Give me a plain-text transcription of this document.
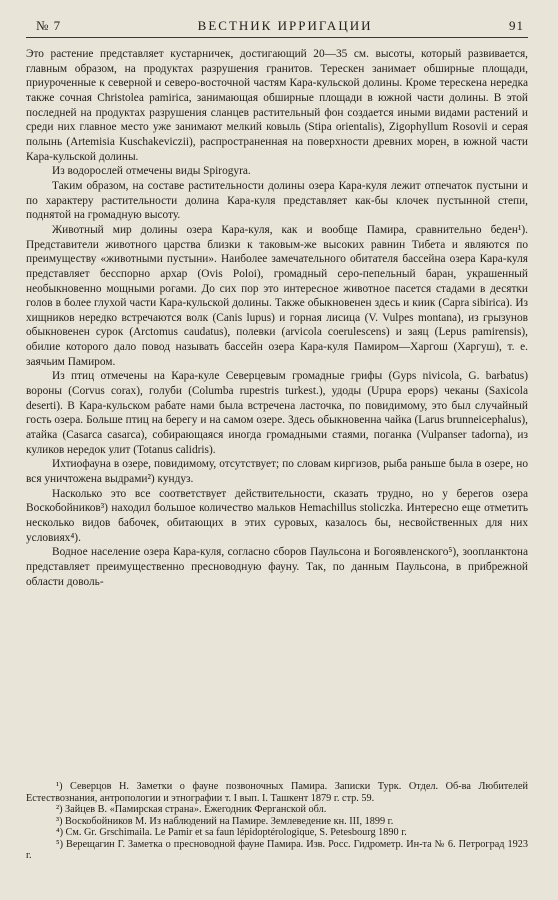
№ 7	ВЕСТНИК ИРРИГАЦИИ	91

Это растение представляет кустарничек, достигающий 20—35 см. высоты, который развивается, главным образом, на продуктах разрушения гранитов. Терескен занимает обширные площади, приуроченные к северной и северо-восточной частям Кара-кульской долины. Кроме терескена нередка также сочная Christolea pamirica, занимающая обширные площади в южной части долины. В этой последней на продуктах разрушения сланцев растительный фон создается иными видами растений и среди них главное место уже занимают мелкий ковыль (Stipa orientalis), Zigophyllum Rosovii и серая полынь (Artemisia Kuschakeviczii), распространенная на поверхности древних морен, в южной части Кара-кульской долины.

Из водорослей отмечены виды Spirogyra.

Таким образом, на составе растительности долины озера Кара-куля лежит отпечаток пустыни и по характеру растительности долина Кара-куля представляет как-бы клочек пустынной степи, поднятой на громадную высоту.

Животный мир долины озера Кара-куля, как и вообще Памира, сравнительно беден¹). Представители животного царства близки к таковым-же высоких равнин Тибета и являются по преимуществу «животными пустыни». Наиболее замечательного обитателя бассейна озера Кара-куля представляет бесспорно архар (Ovis Poloi), громадный серо-пепельный баран, украшенный необыкновенно мощными рогами. До сих пор это интересное животное пасется стадами в десятки голов в более глухой части Кара-кульской долины. Также обыкновенен здесь и киик (Capra sibirica). Из хищников нередко встречаются волк (Canis lupus) и горная лисица (V. Vulpes montana), из грызунов обыкновенен сурок (Arctomus caudatus), полевки (arvicola coerulescens) и заяц (Lepus pamirensis), обилие которого дало повод называть бассейн озера Кара-куля Памиром—Харгош (Харгуш), т. е. заячьим Памиром.

Из птиц отмечены на Кара-куле Северцевым громадные грифы (Gyps nivicola, G. barbatus) вороны (Corvus corax), голуби (Columba rupestris turkest.), удоды (Upupa epops) чеканы (Saxicola deserti). В Кара-кульском рабате нами была встречена ласточка, по повидимому, это был случайный гость озера. Больше птиц на берегу и на самом озере. Здесь обыкновенна чайка (Larus brunneicephalus), атайка (Casarca casarca), собирающаяся иногда громадными стаями, поганка (Vulpanser tadorna), из куликов нередок улит (Totanus calidris).

Ихтиофауна в озере, повидимому, отсутствует; по словам киргизов, рыба раньше была в озере, но вся уничтожена выдрами²) кундуз.

Насколько это все соответствует действительности, сказать трудно, но у берегов озера Воскобойников³) находил большое количество мальков Hemachillus stoliczka. Интересно еще отметить несколько видов бабочек, обитающих в этих суровых, казалось бы, несвойственных для них условиях⁴).

Водное население озера Кара-куля, согласно сборов Паульсона и Богоявленского⁵), зоопланктона представляет преимущественно пресноводную фауну. Так, по данным Паульсона, в прибрежной области доволь-

¹) Северцов Н. Заметки о фауне позвоночных Памира. Записки Турк. Отдел. Об-ва Любителей Естествознания, антропологии и этнографии т. I вып. I. Ташкент 1879 г. стр. 59.

²) Зайцев В. «Памирская страна». Ежегодник Ферганской обл.

³) Воскобойников М. Из наблюдений на Памире. Землеведение кн. III, 1899 г.

⁴) См. Gr. Grschimaila. Le Pamir et sa faun lépidoptérologique, S. Petesbourg 1890 г.

⁵) Верещагин Г. Заметка о пресноводной фауне Памира. Изв. Росс. Гидрометр. Ин-та № 6. Петроград 1923 г.
